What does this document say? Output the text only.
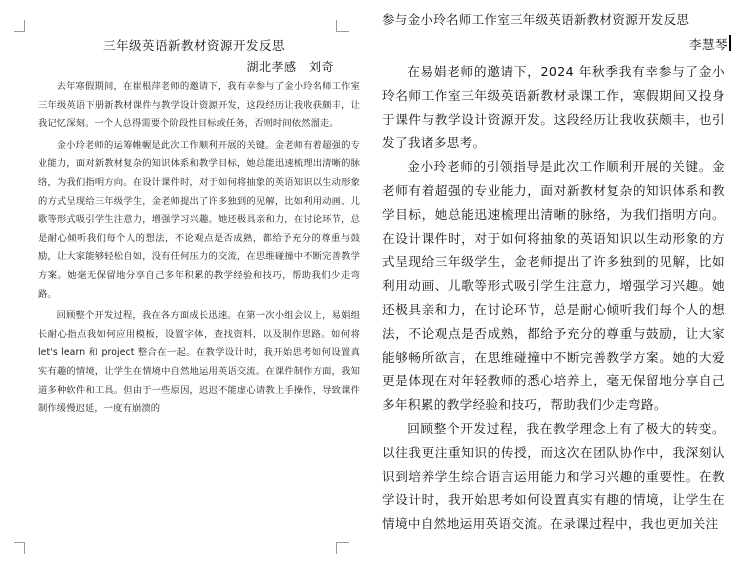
三年级英语新教材资源开发反思
湖北孝感　刘奇

去年寒假期间，在崔根萍老师的邀请下，我有幸参与了金小玲名师工作室三年级英语下册新教材课件与教学设计资源开发，这段经历让我收获颇丰，让我记忆深刻。一个人总得需要个阶段性目标或任务，否则时间依然溜走。

金小玲老师的运筹帷幄是此次工作顺利开展的关键。金老师有着超强的专业能力，面对新教材复杂的知识体系和教学目标，她总能迅速梳理出清晰的脉络，为我们指明方向。在设计课件时，对于如何将抽象的英语知识以生动形象的方式呈现给三年级学生，金老师提出了许多独到的见解，比如利用动画、儿歌等形式吸引学生注意力，增强学习兴趣。她还极具亲和力，在讨论环节，总是耐心倾听我们每个人的想法，不论观点是否成熟，都给予充分的尊重与鼓励，让大家能够轻松自如，没有任何压力的交流，在思维碰撞中不断完善教学方案。她毫无保留地分享自己多年积累的教学经验和技巧，帮助我们少走弯路。

回顾整个开发过程，我在各方面成长迅速。在第一次小组会议上，易娟组长耐心指点我如何应用模板，设置字体，查找资料，以及制作思路。如何将 let's learn 和 project 整合在一起。在教学设计时，我开始思考如何设置真实有趣的情境，让学生在情境中自然地运用英语交流。在课件制作方面，我知道多种软件和工具。但由于一些原因，迟迟不能虚心请教上手操作，导致课件制作缓慢迟延，一度有崩溃的

参与金小玲名师工作室三年级英语新教材资源开发反思
李慧琴

在易娟老师的邀请下，2024 年秋季我有幸参与了金小玲名师工作室三年级英语新教材录课工作，寒假期间又投身于课件与教学设计资源开发。这段经历让我收获颇丰，也引发了我诸多思考。

金小玲老师的引领指导是此次工作顺利开展的关键。金老师有着超强的专业能力，面对新教材复杂的知识体系和教学目标，她总能迅速梳理出清晰的脉络，为我们指明方向。在设计课件时，对于如何将抽象的英语知识以生动形象的方式呈现给三年级学生，金老师提出了许多独到的见解，比如利用动画、儿歌等形式吸引学生注意力，增强学习兴趣。她还极具亲和力，在讨论环节，总是耐心倾听我们每个人的想法，不论观点是否成熟，都给予充分的尊重与鼓励，让大家能够畅所欲言，在思维碰撞中不断完善教学方案。她的大爱更是体现在对年轻教师的悉心培养上，毫无保留地分享自己多年积累的教学经验和技巧，帮助我们少走弯路。

回顾整个开发过程，我在教学理念上有了极大的转变。以往我更注重知识的传授，而这次在团队协作中，我深刻认识到培养学生综合语言运用能力和学习兴趣的重要性。在教学设计时，我开始思考如何设置真实有趣的情境，让学生在情境中自然地运用英语交流。在录课过程中，我也更加关注
